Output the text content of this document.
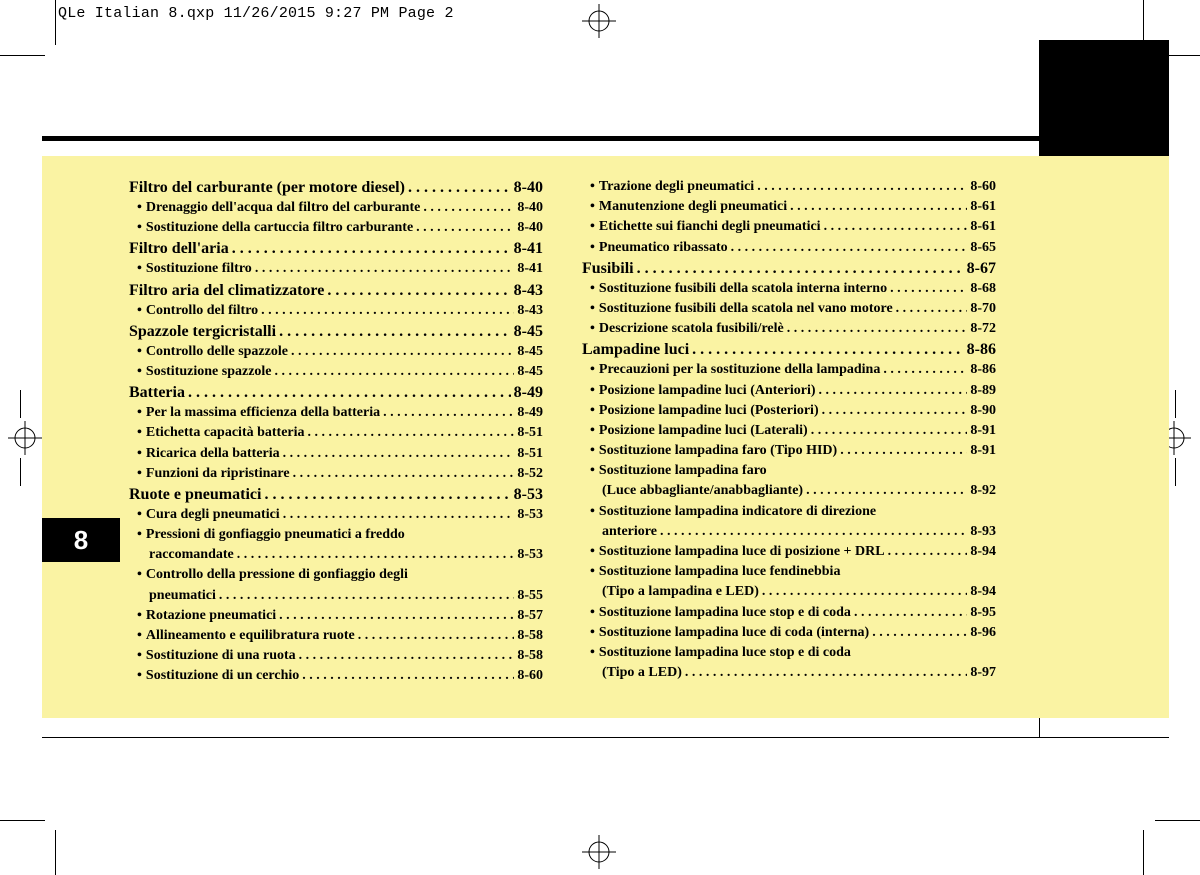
QLe Italian 8.qxp 11/26/2015 9:27 PM Page 2
8
Filtro del carburante (per motore diesel) . . .	8-40
• Drenaggio dell'acqua dal filtro del carburante . . .	8-40
• Sostituzione della cartuccia filtro carburante . . .	8-40
Filtro dell'aria . . .	8-41
• Sostituzione filtro . . .	8-41
Filtro aria del climatizzatore . . .	8-43
• Controllo del filtro . . .	8-43
Spazzole tergicristalli . . .	8-45
• Controllo delle spazzole . . .	8-45
• Sostituzione spazzole . . .	8-45
Batteria . . .	8-49
• Per la massima efficienza della batteria . . .	8-49
• Etichetta capacità batteria . . .	8-51
• Ricarica della batteria . . .	8-51
• Funzioni da ripristinare . . .	8-52
Ruote e pneumatici . . .	8-53
• Cura degli pneumatici . . .	8-53
• Pressioni di gonfiaggio pneumatici a freddo
raccomandate . . .	8-53
• Controllo della pressione di gonfiaggio degli
pneumatici . . .	8-55
• Rotazione pneumatici . . .	8-57
• Allineamento e equilibratura ruote . . .	8-58
• Sostituzione di una ruota . . .	8-58
• Sostituzione di un cerchio . . .	8-60
• Trazione degli pneumatici . . .	8-60
• Manutenzione degli pneumatici . . .	8-61
• Etichette sui fianchi degli pneumatici . . .	8-61
• Pneumatico ribassato . . .	8-65
Fusibili . . .	8-67
• Sostituzione fusibili della scatola interna interno . . .	8-68
• Sostituzione fusibili della scatola nel vano motore . . .	8-70
• Descrizione scatola fusibili/relè . . .	8-72
Lampadine luci . . .	8-86
• Precauzioni per la sostituzione della lampadina . . .	8-86
• Posizione lampadine luci (Anteriori) . . .	8-89
• Posizione lampadine luci (Posteriori) . . .	8-90
• Posizione lampadine luci (Laterali) . . .	8-91
• Sostituzione lampadina faro (Tipo HID) . . .	8-91
• Sostituzione lampadina faro
(Luce abbagliante/anabbagliante) . . .	8-92
• Sostituzione lampadina indicatore di direzione
anteriore . . .	8-93
• Sostituzione lampadina luce di posizione + DRL . . .	8-94
• Sostituzione lampadina luce fendinebbia
(Tipo a lampadina e LED) . . .	8-94
• Sostituzione lampadina luce stop e di coda . . .	8-95
• Sostituzione lampadina luce di coda (interna) . . .	8-96
• Sostituzione lampadina luce stop e di coda
(Tipo a LED) . . .	8-97
